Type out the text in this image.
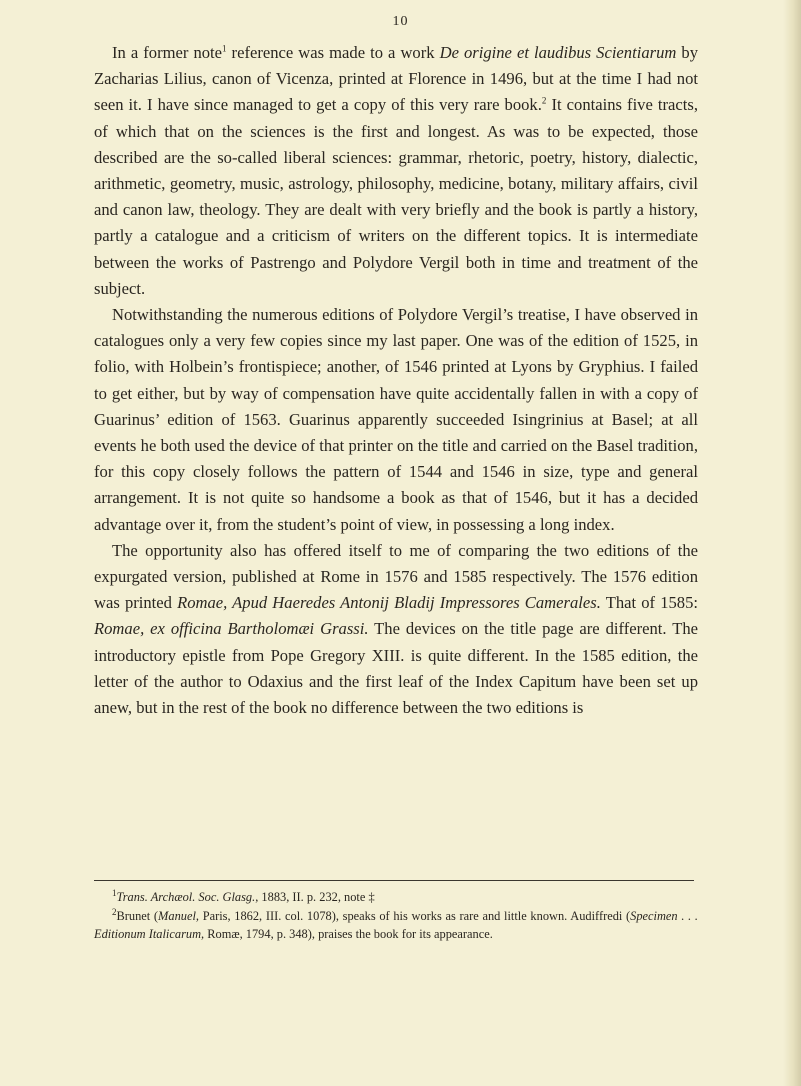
10

In a former note$^1$ reference was made to a work De origine et laudibus Scientiarum by Zacharias Lilius, canon of Vicenza, printed at Florence in 1496, but at the time I had not seen it. I have since managed to get a copy of this very rare book.$^2$ It contains five tracts, of which that on the sciences is the first and longest. As was to be expected, those described are the so-called liberal sciences: grammar, rhetoric, poetry, history, dialectic, arithmetic, geometry, music, astrology, philosophy, medicine, botany, military affairs, civil and canon law, theology. They are dealt with very briefly and the book is partly a history, partly a catalogue and a criticism of writers on the different topics. It is intermediate between the works of Pastrengo and Polydore Vergil both in time and treatment of the subject.

Notwithstanding the numerous editions of Polydore Vergil’s treatise, I have observed in catalogues only a very few copies since my last paper. One was of the edition of 1525, in folio, with Holbein’s frontispiece; another, of 1546 printed at Lyons by Gryphius. I failed to get either, but by way of compensation have quite accidentally fallen in with a copy of Guarinus’ edition of 1563. Guarinus apparently succeeded Isingrinius at Basel; at all events he both used the device of that printer on the title and carried on the Basel tradition, for this copy closely follows the pattern of 1544 and 1546 in size, type and general arrangement. It is not quite so handsome a book as that of 1546, but it has a decided advantage over it, from the student’s point of view, in possessing a long index.

The opportunity also has offered itself to me of comparing the two editions of the expurgated version, published at Rome in 1576 and 1585 respectively. The 1576 edition was printed Romae, Apud Haeredes Antonij Bladij Impressores Camerales. That of 1585: Romae, ex officina Bartholomæi Grassi. The devices on the title page are different. The introductory epistle from Pope Gregory XIII. is quite different. In the 1585 edition, the letter of the author to Odaxius and the first leaf of the Index Capitum have been set up anew, but in the rest of the book no difference between the two editions is

$^1$Trans. Archæol. Soc. Glasg., 1883, II. p. 232, note ‡

$^2$Brunet (Manuel, Paris, 1862, III. col. 1078), speaks of his works as rare and little known. Audiffredi (Specimen . . . Editionum Italicarum, Romæ, 1794, p. 348), praises the book for its appearance.
